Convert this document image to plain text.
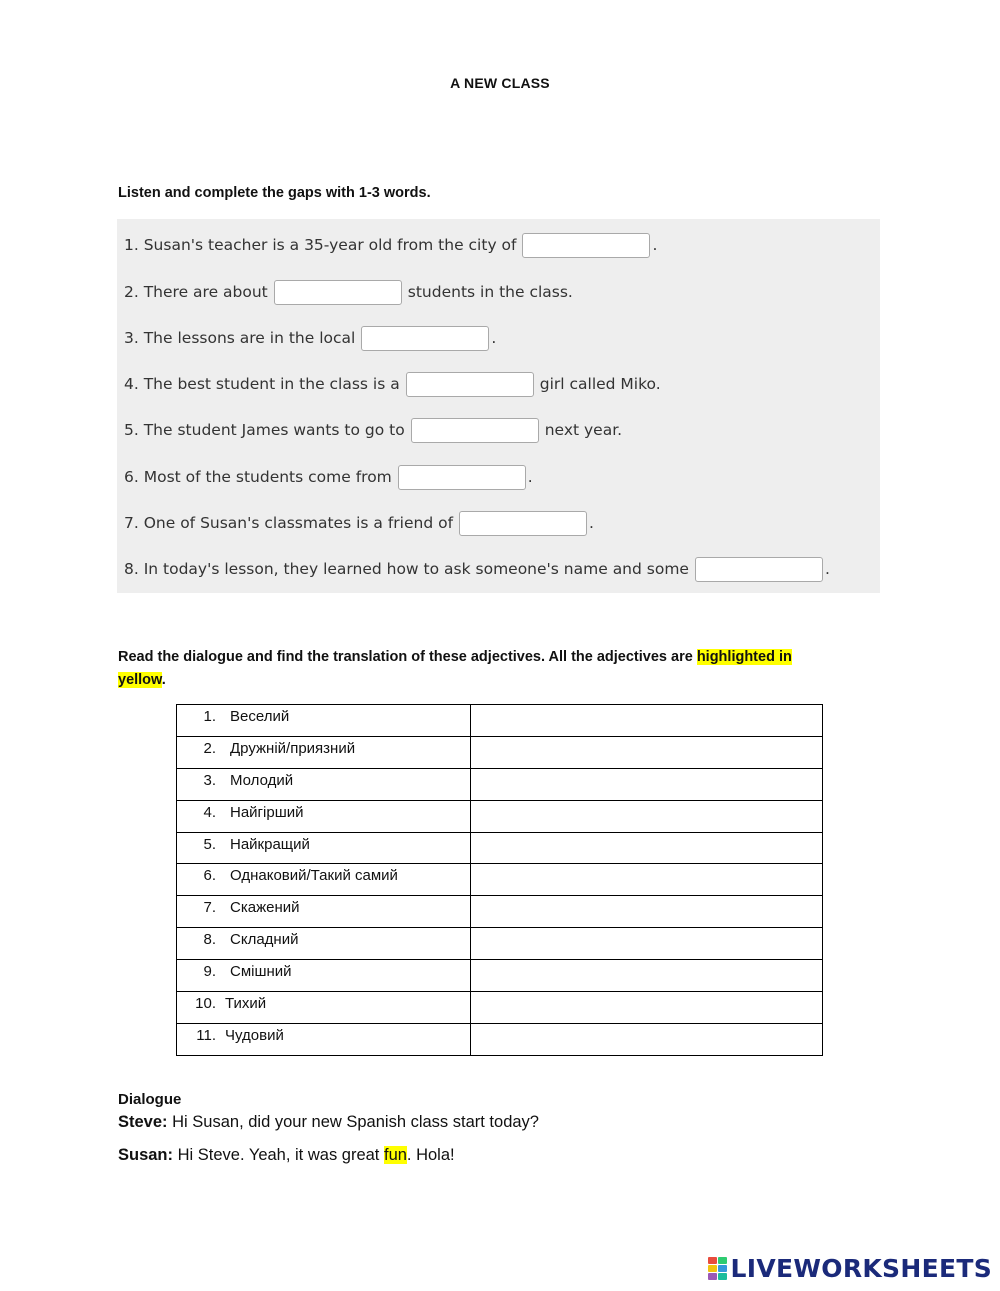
A NEW CLASS
Listen and complete the gaps with 1-3 words.
1. Susan's teacher is a 35-year old from the city of	.
2. There are about	students in the class.
3. The lessons are in the local	.
4. The best student in the class is a	girl called Miko.
5. The student James wants to go to	next year.
6. Most of the students come from	.
7. One of Susan's classmates is a friend of	.
8. In today's lesson, they learned how to ask someone's name and some	.
Read the dialogue and find the translation of these adjectives. All the adjectives are highlighted in
yellow.
1. Веселий	
2. Дружній/приязний	
3. Молодий	
4. Найгірший	
5. Найкращий	
6. Однаковий/Такий самий	
7. Скажений	
8. Складний	
9. Смішний	
10. Тихий	
11. Чудовий	
Dialogue
Steve: Hi Susan, did your new Spanish class start today?
Susan: Hi Steve. Yeah, it was great fun. Hola!
LIVEWORKSHEETS
